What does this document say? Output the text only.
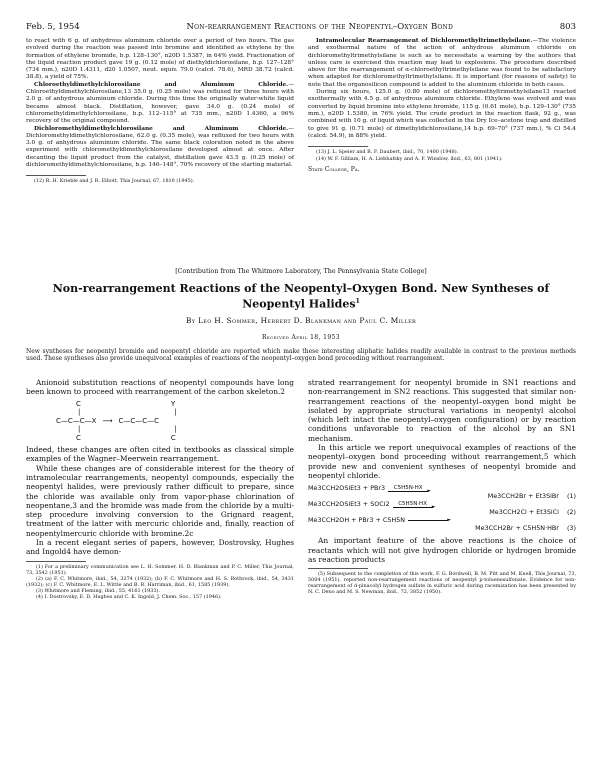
Feb. 5, 1954	Non-rearrangement Reactions of the Neopentyl–Oxygen Bond	803

to react with 6 g. of anhydrous aluminum chloride over a period of two hours. The gas evolved during the reaction was passed into bromine and identified as ethylene by the formation of ethylene bromide, b.p. 128–130°, n20D 1.5387, in 64% yield. Fractionation of the liquid reaction product gave 19 g. (0.12 mole) of diethyldichlorosilane, b.p. 127–128° (734 mm.), n20D 1.4311, d20 1.0507, neut. equiv. 79.0 (calcd. 78.6), MRD 38.72 (calcd. 38.8), a yield of 75%.

Chloroethyldimethylchlorosilane and Aluminum Chloride.—Chloroethyldimethylchlorosilane,13 35.0 g. (0.25 mole) was refluxed for three hours with 2.0 g. of anhydrous aluminum chloride. During this time the originally water-white liquid became almost black. Distillation, however, gave 34.0 g. (0.24 mole) of chloromethyldimethylchlorosilane, b.p. 112–115° at 735 mm., n20D 1.4360, a 96% recovery of the original compound.

Dichloromethyldimethylchlorosilane and Aluminum Chloride.—Dichloromethyldimethylchlorosilane, 62.0 g. (0.35 mole), was refluxed for two hours with 3.0 g. of anhydrous aluminum chloride. The same black coloration noted in the above experiment with chloromethyldimethylchlorosilane developed almost at once. After decanting the liquid product from the catalyst, distillation gave 43.5 g. (0.25 mole) of dichloromethyldimethylchlorosilane, b.p. 146–148°, 70% recovery of the starting material.

(12) R. H. Krieble and J. R. Elliott, This Journal, 67, 1810 (1945).

Intramolecular Rearrangement of Dichloromethyltrimethylsilane.—The violence and exothermal nature of the action of anhydrous aluminum chloride on dichloromethyltrimethylsilane is such as to necessitate a warning by the authors that unless care is exercised this reaction may lead to explosions. The procedure described above for the rearrangement of α-chloroethyltrimethylsilane was found to be satisfactory when adapted for dichloromethyltrimethylsilane. It is important (for reasons of safety) to note that the organosilicon compound is added to the aluminum chloride in both cases.

During six hours, 125.0 g. (0.80 mole) of dichloromethyltrimethylsilane13 reacted exothermally with 4.5 g. of anhydrous aluminum chloride. Ethylene was evolved and was converted by liquid bromine into ethylene bromide, 115 g. (0.61 mole), b.p. 129–130° (735 mm.), n20D 1.5380, in 76% yield. The crude product in the reaction flask, 92 g., was combined with 10 g. of liquid which was collected in the Dry Ice–acetone trap and distilled to give 91 g. (0.71 mole) of dimethyldichlorosilane,14 b.p. 69–70° (737 mm.), % Cl 54.4 (calcd. 54.9), in 88% yield.

(13) J. L. Speier and B. F. Daubert, ibid., 70, 1400 (1948).

(14) W. F. Gilliam, H. A. Liebhafsky and A. F. Winslow, ibid., 63, 801 (1941).

State College, Pa.
[Contribution from The Whitmore Laboratory, The Pennsylvania State College]
Non-rearrangement Reactions of the Neopentyl–Oxygen Bond. New Syntheses of
Neopentyl Halides$^1$
By Leo H. Sommer, Herbert D. Blankman and Paul C. Miller
Received April 18, 1953
New syntheses for neopentyl bromide and neopentyl chloride are reported which make these interesting aliphatic halides readily available in contrast to the previous methods used. These syntheses also provide unequivocal examples of reactions of the neopentyl–oxygen bond proceeding without rearrangement.

Anionoid substitution reactions of neopentyl compounds have long been known to proceed with rearrangement of the carbon skeleton.2

C	Y
|	|
C—C—C—X ⟶ C—C—C—C
|	|
C	C

Indeed, these changes are often cited in textbooks as classical simple examples of the Wagner–Meerwein rearrangement.

While these changes are of considerable interest for the theory of intramolecular rearrangements, neopentyl compounds, especially the neopentyl halides, were previously rather difficult to prepare, since the chloride was available only from vapor-phase chlorination of neopentane,3 and the bromide was made from the chloride by a multi-step procedure involving conversion to the Grignard reagent, treatment of the latter with mercuric chloride and, finally, reaction of neopentylmercuric chloride with bromine.2c

In a recent elegant series of papers, however, Dostrovsky, Hughes and Ingold4 have demon-

(1) For a preliminary communication see L. H. Sommer, H. D. Blankman and P. C. Miller, This Journal, 73, 3542 (1951).

(2) (a) F. C. Whitmore, ibid., 54, 3274 (1932); (b) F. C. Whitmore and H. S. Rothrock, ibid., 54, 3431 (1932); (c) F. C. Whitmore, E. L. Wittle and B. R. Harriman, ibid., 61, 1585 (1939).

(3) Whitmore and Fleming, ibid., 55, 4161 (1933).

(4) I. Dostrovsky, E. D. Hughes and C. K. Ingold, J. Chem. Soc., 157 (1946).

strated rearrangement for neopentyl bromide in SN1 reactions and non-rearrangement in SN2 reactions. This suggested that similar non-rearrangement reactions of the neopentyl–oxygen bond might be isolated by appropriate structural variations in neopentyl alcohol (which left intact the neopentyl–oxygen configuration) or by reaction conditions unfavorable to reaction of the alcohol by an SN1 mechanism.

In this article we report unequivocal examples of reactions of the neopentyl–oxygen bond proceeding without rearrangement,5 which provide new and convenient syntheses of neopentyl bromide and neopentyl chloride.

Me3CCH2OSiEt3 + PBr3 C5H5N·HX
►
Me3CCH2Br + Et3SiBr (1)
Me3CCH2OSiEt3 + SOCl2 C5H5N·HX
►
Me3CCH2Cl + Et3SiCl (2)
Me3CCH2OH + PBr3 + C5H5N
►
Me3CCH2Br + C5H5N·HBr (3)

An important feature of the above reactions is the choice of reactants which will not give hydrogen chloride or hydrogen bromide as reaction products

(5) Subsequent to the completion of this work, F. G. Bordwell, B. M. Pitt and M. Knell, This Journal, 73, 5004 (1951), reported non-rearrangement reactions of neopentyl p-toluenesulfonate. Evidence for non-rearrangement of d-pinacolyl hydrogen sulfate in sulfuric acid during racemization has been presented by N. C. Deno and M. S. Newman, ibid., 72, 3852 (1950).
